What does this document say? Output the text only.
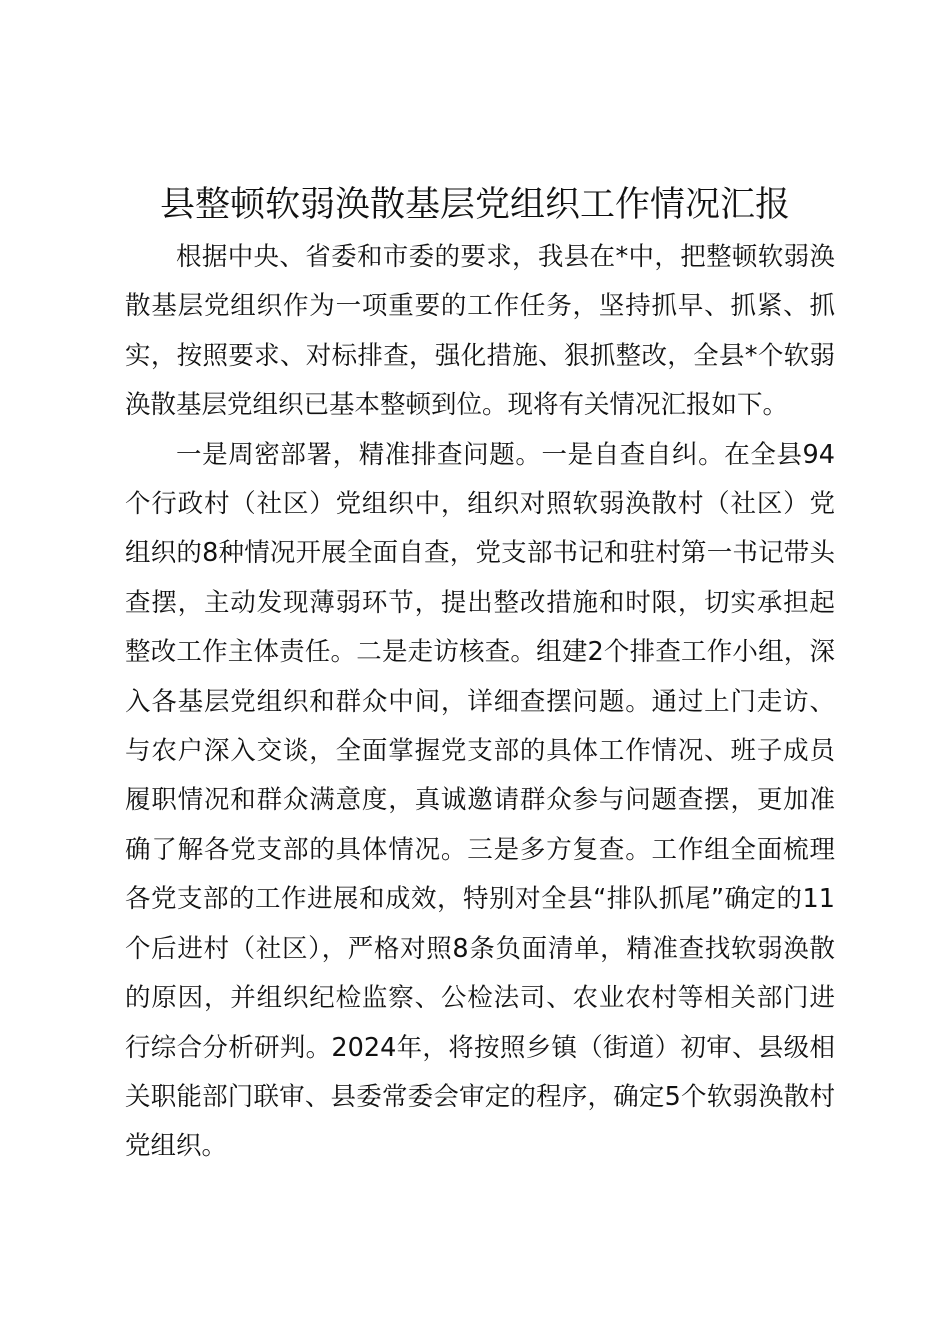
县整顿软弱涣散基层党组织工作情况汇报

根据中央、省委和市委的要求，我县在*中，把整顿软弱涣散基层党组织作为一项重要的工作任务，坚持抓早、抓紧、抓实，按照要求、对标排查，强化措施、狠抓整改，全县*个软弱涣散基层党组织已基本整顿到位。现将有关情况汇报如下。

一是周密部署，精准排查问题。一是自查自纠。在全县94个行政村（社区）党组织中，组织对照软弱涣散村（社区）党组织的8种情况开展全面自查，党支部书记和驻村第一书记带头查摆，主动发现薄弱环节，提出整改措施和时限，切实承担起整改工作主体责任。二是走访核查。组建2个排查工作小组，深入各基层党组织和群众中间，详细查摆问题。通过上门走访、与农户深入交谈，全面掌握党支部的具体工作情况、班子成员履职情况和群众满意度，真诚邀请群众参与问题查摆，更加准确了解各党支部的具体情况。三是多方复查。工作组全面梳理各党支部的工作进展和成效，特别对全县“排队抓尾”确定的11个后进村（社区），严格对照8条负面清单，精准查找软弱涣散的原因，并组织纪检监察、公检法司、农业农村等相关部门进行综合分析研判。2024年，将按照乡镇（街道）初审、县级相关职能部门联审、县委常委会审定的程序，确定5个软弱涣散村党组织。
